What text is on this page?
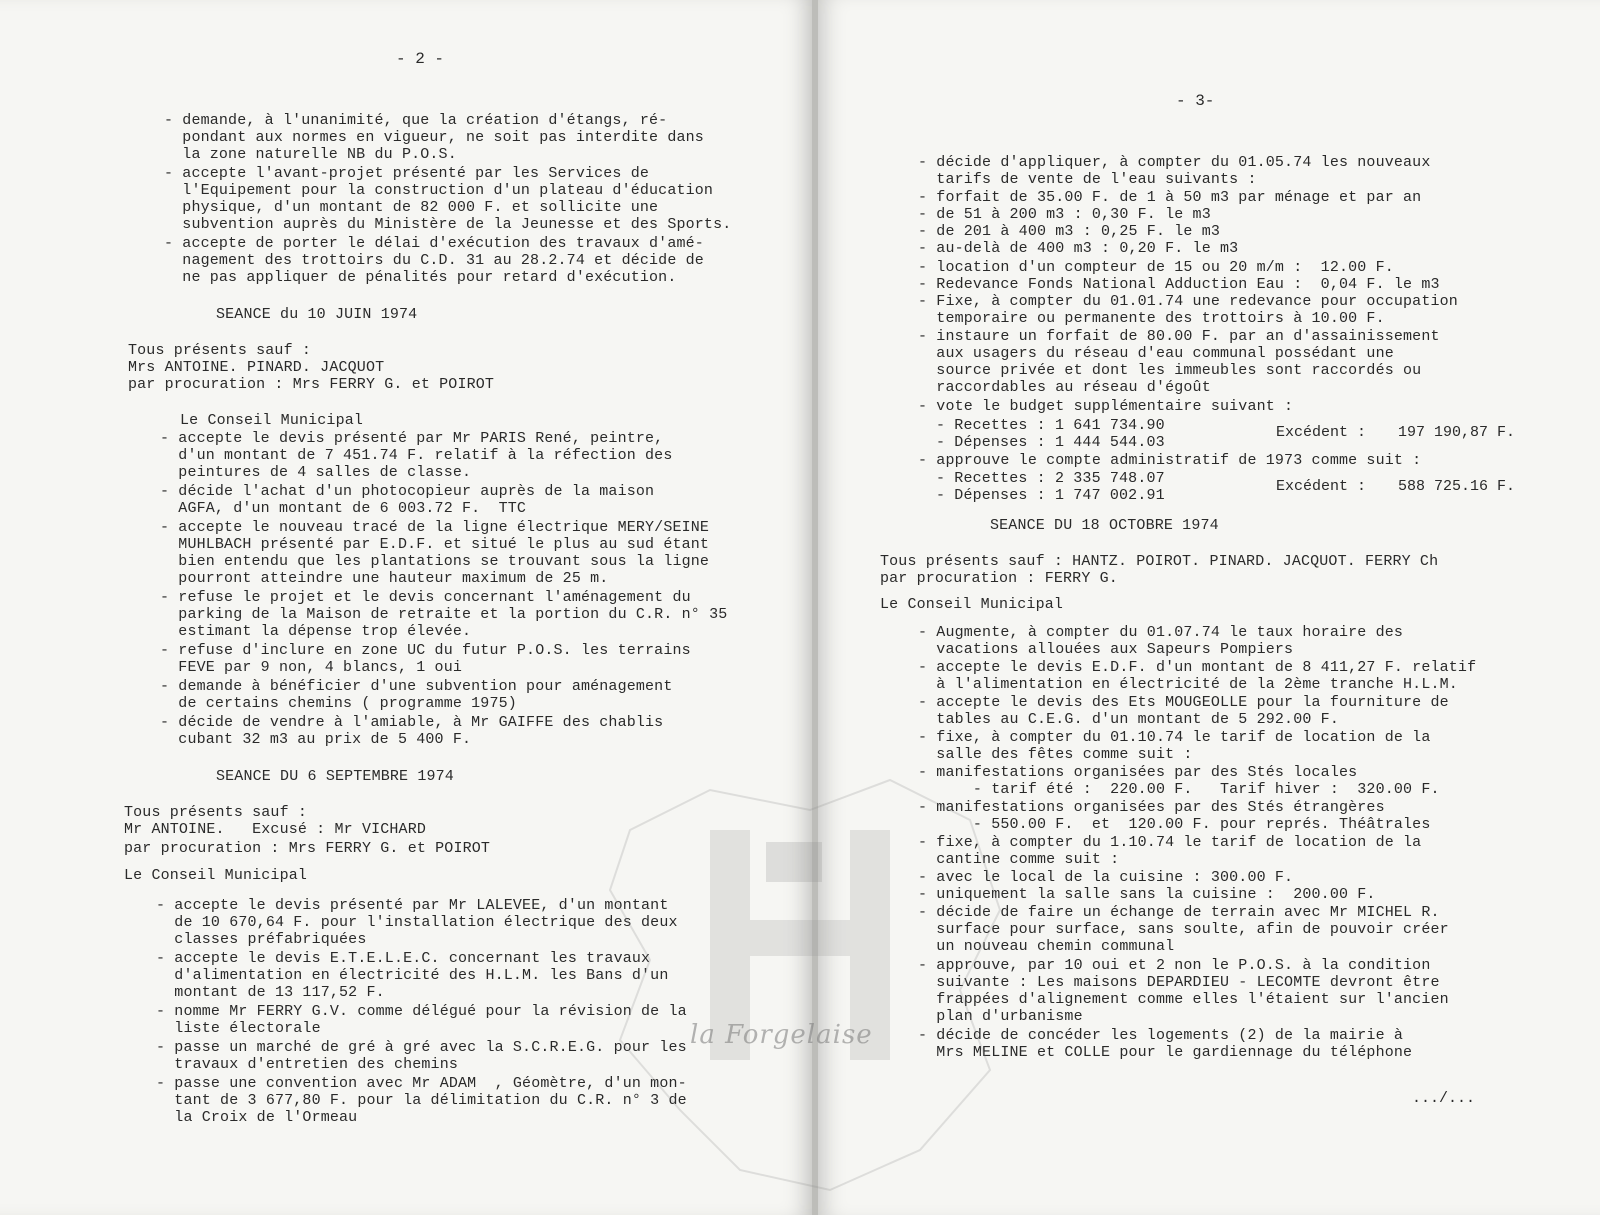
- 2 -
- demande, à l'unanimité, que la création d'étangs, ré-
pondant aux normes en vigueur, ne soit pas interdite dans
la zone naturelle NB du P.O.S.
- accepte l'avant-projet présenté par les Services de
l'Equipement pour la construction d'un plateau d'éducation
physique, d'un montant de 82 000 F. et sollicite une
subvention auprès du Ministère de la Jeunesse et des Sports.
- accepte de porter le délai d'exécution des travaux d'amé-
nagement des trottoirs du C.D. 31 au 28.2.74 et décide de
ne pas appliquer de pénalités pour retard d'exécution.
SEANCE du 10 JUIN 1974
Tous présents sauf :
Mrs ANTOINE. PINARD. JACQUOT
par procuration : Mrs FERRY G. et POIROT
Le Conseil Municipal
- accepte le devis présenté par Mr PARIS René, peintre,
d'un montant de 7 451.74 F. relatif à la réfection des
peintures de 4 salles de classe.
- décide l'achat d'un photocopieur auprès de la maison
AGFA, d'un montant de 6 003.72 F.  TTC
- accepte le nouveau tracé de la ligne électrique MERY/SEINE
MUHLBACH présenté par E.D.F. et situé le plus au sud étant
bien entendu que les plantations se trouvant sous la ligne
pourront atteindre une hauteur maximum de 25 m.
- refuse le projet et le devis concernant l'aménagement du
parking de la Maison de retraite et la portion du C.R. n° 35
estimant la dépense trop élevée.
- refuse d'inclure en zone UC du futur P.O.S. les terrains
FEVE par 9 non, 4 blancs, 1 oui
- demande à bénéficier d'une subvention pour aménagement
de certains chemins ( programme 1975)
- décide de vendre à l'amiable, à Mr GAIFFE des chablis
cubant 32 m3 au prix de 5 400 F.
SEANCE DU 6 SEPTEMBRE 1974
Tous présents sauf :
Mr ANTOINE.   Excusé : Mr VICHARD
par procuration : Mrs FERRY G. et POIROT
Le Conseil Municipal
- accepte le devis présenté par Mr LALEVEE, d'un montant
de 10 670,64 F. pour l'installation électrique des deux
classes préfabriquées
- accepte le devis E.T.E.L.E.C. concernant les travaux
d'alimentation en électricité des H.L.M. les Bans d'un
montant de 13 117,52 F.
- nomme Mr FERRY G.V. comme délégué pour la révision de la
liste électorale
- passe un marché de gré à gré avec la S.C.R.E.G. pour les
travaux d'entretien des chemins
- passe une convention avec Mr ADAM  , Géomètre, d'un mon-
tant de 3 677,80 F. pour la délimitation du C.R. n° 3 de
la Croix de l'Ormeau
- 3-
- décide d'appliquer, à compter du 01.05.74 les nouveaux
tarifs de vente de l'eau suivants :
- forfait de 35.00 F. de 1 à 50 m3 par ménage et par an
- de 51 à 200 m3 : 0,30 F. le m3
- de 201 à 400 m3 : 0,25 F. le m3
- au-delà de 400 m3 : 0,20 F. le m3
- location d'un compteur de 15 ou 20 m/m :  12.00 F.
- Redevance Fonds National Adduction Eau :  0,04 F. le m3
- Fixe, à compter du 01.01.74 une redevance pour occupation
temporaire ou permanente des trottoirs à 10.00 F.
- instaure un forfait de 80.00 F. par an d'assainissement
aux usagers du réseau d'eau communal possédant une
source privée et dont les immeubles sont raccordés ou
raccordables au réseau d'égoût
- vote le budget supplémentaire suivant :
- Recettes : 1 641 734.90
- Dépenses : 1 444 544.03
Excédent : 197 190,87 F.
- approuve le compte administratif de 1973 comme suit :
- Recettes : 2 335 748.07
- Dépenses : 1 747 002.91
Excédent : 588 725.16 F.
SEANCE DU 18 OCTOBRE 1974
Tous présents sauf : HANTZ. POIROT. PINARD. JACQUOT. FERRY Ch
par procuration : FERRY G.
Le Conseil Municipal
- Augmente, à compter du 01.07.74 le taux horaire des
vacations allouées aux Sapeurs Pompiers
- accepte le devis E.D.F. d'un montant de 8 411,27 F. relatif
à l'alimentation en électricité de la 2ème tranche H.L.M.
- accepte le devis des Ets MOUGEOLLE pour la fourniture de
tables au C.E.G. d'un montant de 5 292.00 F.
- fixe, à compter du 01.10.74 le tarif de location de la
salle des fêtes comme suit :
- manifestations organisées par des Stés locales
- tarif été :  220.00 F.   Tarif hiver :  320.00 F.
- manifestations organisées par des Stés étrangères
- 550.00 F.  et  120.00 F. pour représ. Théâtrales
- fixe, à compter du 1.10.74 le tarif de location de la
cantine comme suit :
- avec le local de la cuisine : 300.00 F.
- uniquement la salle sans la cuisine :  200.00 F.
- décide de faire un échange de terrain avec Mr MICHEL R.
surface pour surface, sans soulte, afin de pouvoir créer
un nouveau chemin communal
- approuve, par 10 oui et 2 non le P.O.S. à la condition
suivante : Les maisons DEPARDIEU - LECOMTE devront être
frappées d'alignement comme elles l'étaient sur l'ancien
plan d'urbanisme
- décide de concéder les logements (2) de la mairie à
Mrs MELINE et COLLE pour le gardiennage du téléphone
.../...
la Forgelaise
